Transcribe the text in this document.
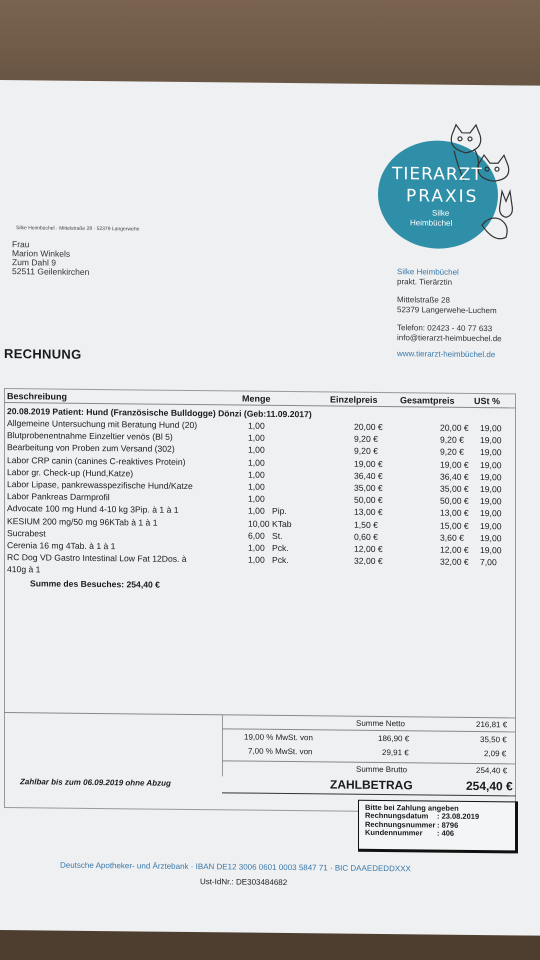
Silke Heimbüchel · Mittelstraße 28 · 52379 Langerwehe
TIERARZT
PRAXIS
Silke
Heimbüchel
Frau
Marion Winkels
Zum Dahl 9
52511 Geilenkirchen	Silke Heimbüchel
prakt. Tierärztin
Mittelstraße 28
52379 Langerwehe-Luchem
Telefon: 02423 - 40 77 633
info@tierarzt-heimbuechel.de
www.tierarzt-heimbüchel.de
RECHNUNG
Beschreibung	Menge	Einzelpreis Gesamtpreis USt %
20.08.2019 Patient: Hund (Französische Bulldogge) Dönzi (Geb:11.09.2017)
Allgemeine Untersuchung mit Beratung Hund (20)	1,00	20,00 €	20,00 € 19,00
Blutprobenentnahme Einzeltier venös (Bl 5)	1,00	9,20 €	9,20 € 19,00
Bearbeitung von Proben zum Versand (302)	1,00	9,20 €	9,20 € 19,00
Labor CRP canin (canines C-reaktives Protein)	1,00	19,00 €	19,00 € 19,00
Labor gr. Check-up (Hund,Katze)	1,00	36,40 €	36,40 € 19,00
Labor Lipase, pankrewasspezifische Hund/Katze	1,00	35,00 €	35,00 € 19,00
Labor Pankreas Darmprofil	1,00	50,00 €	50,00 € 19,00
Advocate 100 mg Hund 4-10 kg 3Pip. à 1 à 1	1,00 Pip.	13,00 €	13,00 € 19,00
KESIUM 200 mg/50 mg 96KTab à 1 à 1	10,00 KTab	1,50 €	15,00 € 19,00
Sucrabest	6,00 St.	0,60 €	3,60 € 19,00
Cerenia 16 mg 4Tab. à 1 à 1	1,00 Pck.	12,00 €	12,00 € 19,00
RC Dog VD Gastro Intestinal Low Fat 12Dos. à	1,00 Pck.	32,00 €	32,00 € 7,00
410g à 1
Summe des Besuches: 254,40 €
Summe Netto	216,81 €
19,00 % MwSt. von	186,90 €	35,50 €
7,00 % MwSt. von	29,91 €	2,09 €
Summe Brutto	254,40 €
Zahlbar bis zum 06.09.2019 ohne Abzug	ZAHLBETRAG	254,40 €
Bitte bei Zahlung angeben
Rechnungsdatum : 23.08.2019
Rechnungsnummer : 8796
Kundennummer : 406
Deutsche Apotheker- und Ärztebank · IBAN DE12 3006 0601 0003 5847 71 · BIC DAAEDEDDXXX
Ust-IdNr.: DE303484682
